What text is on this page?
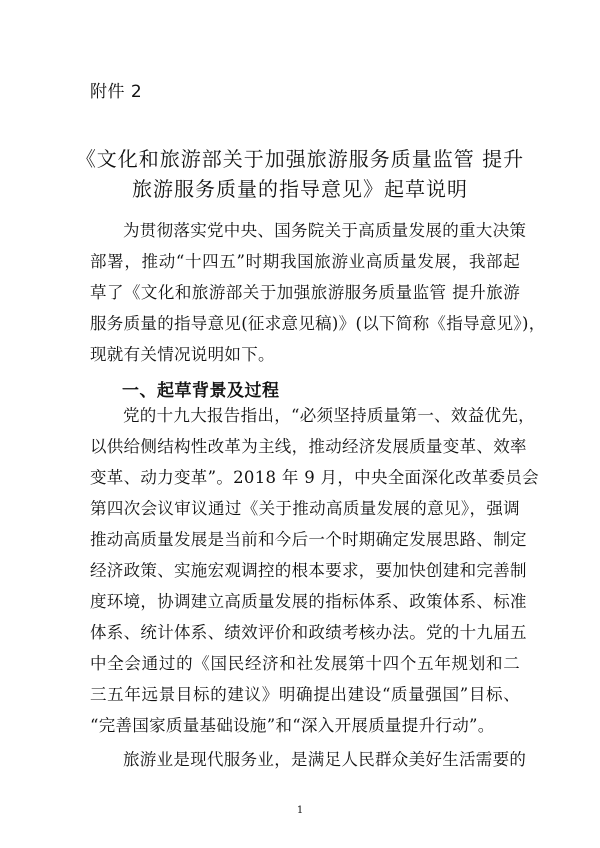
附件 2
《文化和旅游部关于加强旅游服务质量监管 提升
旅游服务质量的指导意见》起草说明
为贯彻落实党中央、国务院关于高质量发展的重大决策
部署，推动“十四五”时期我国旅游业高质量发展，我部起
草了《文化和旅游部关于加强旅游服务质量监管 提升旅游
服务质量的指导意见(征求意见稿)》(以下简称《指导意见》)，
现就有关情况说明如下。
一、起草背景及过程
党的十九大报告指出，“必须坚持质量第一、效益优先，
以供给侧结构性改革为主线，推动经济发展质量变革、效率
变革、动力变革”。2018 年 9 月，中央全面深化改革委员会
第四次会议审议通过《关于推动高质量发展的意见》，强调
推动高质量发展是当前和今后一个时期确定发展思路、制定
经济政策、实施宏观调控的根本要求，要加快创建和完善制
度环境，协调建立高质量发展的指标体系、政策体系、标准
体系、统计体系、绩效评价和政绩考核办法。党的十九届五
中全会通过的《国民经济和社发展第十四个五年规划和二
三五年远景目标的建议》明确提出建设“质量强国”目标、
“完善国家质量基础设施”和“深入开展质量提升行动”。
旅游业是现代服务业，是满足人民群众美好生活需要的
1
